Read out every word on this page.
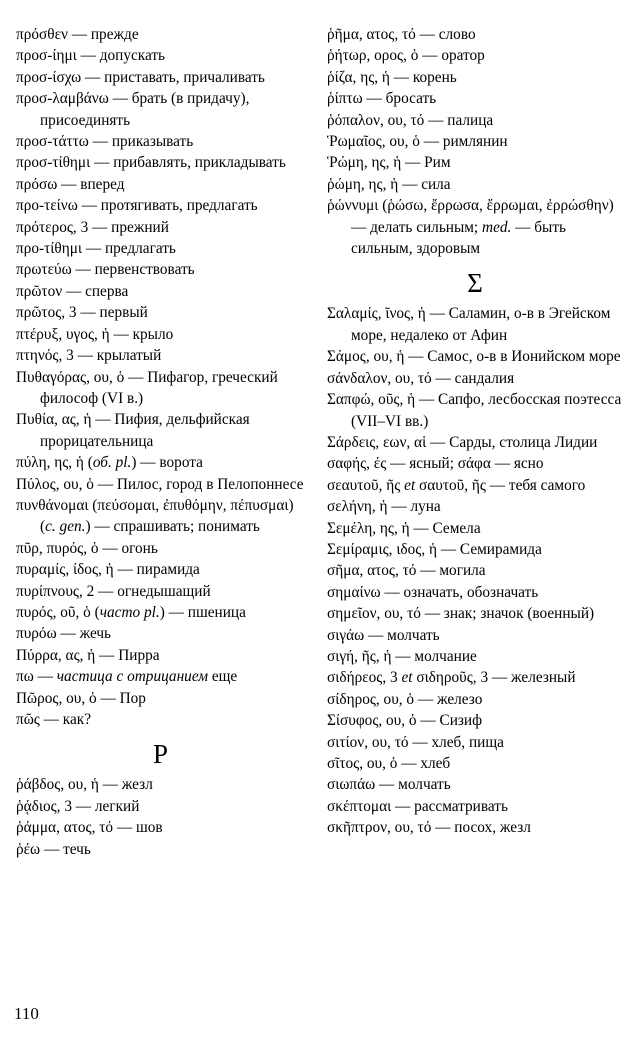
πρόσθεν — прежде
προσ-ίημι — допускать
προσ-ίσχω — приставать, причаливать
προσ-λαμβάνω — брать (в придачу), присоединять
προσ-τάττω — приказывать
προσ-τίθημι — прибавлять, прикладывать
πρόσω — вперед
προ-τείνω — протягивать, предлагать
πρότερος, 3 — прежний
προ-τίθημι — предлагать
πρωτεύω — первенствовать
πρῶτον — сперва
πρῶτος, 3 — первый
πτέρυξ, υγος, ἡ — крыло
πτηνός, 3 — крылатый
Πυθαγόρας, ου, ὁ — Пифагор, греческий философ (VI в.)
Πυθία, ας, ἡ — Пифия, дельфийская прорицательница
πύλη, ης, ἡ (об. pl.) — ворота
Πύλος, ου, ὁ — Пилос, город в Пелопоннесе
πυνθάνομαι (πεύσομαι, ἐπυθόμην, πέπυσμαι) (c. gen.) — спрашивать; понимать
πῦρ, πυρός, ὁ — огонь
πυραμίς, ίδος, ἡ — пирамида
πυρίπνους, 2 — огнедышащий
πυρός, οῦ, ὁ (часто pl.) — пшеница
πυρόω — жечь
Πύρρα, ας, ἡ — Пирра
πω — частица с отрицанием еще
Πῶρος, ου, ὁ — Пор
πῶς — как?
Ρ
ῥάβδος, ου, ἡ — жезл
ῥᾴδιος, 3 — легкий
ῥάμμα, ατος, τό — шов
ῥέω — течь
ῥῆμα, ατος, τό — слово
ῥήτωρ, ορος, ὁ — оратор
ῥίζα, ης, ἡ — корень
ῥίπτω — бросать
ῥόπαλον, ου, τό — палица
Ῥωμαῖος, ου, ὁ — римлянин
Ῥώμη, ης, ἡ — Рим
ῥώμη, ης, ἡ — сила
ῥώννυμι (ῥώσω, ἔρρωσα, ἔρρωμαι, ἐρρώσθην) — делать сильным; med. — быть сильным, здоровым
Σ
Σαλαμίς, ῖνος, ἡ — Саламин, о-в в Эгейском море, недалеко от Афин
Σάμος, ου, ἡ — Самос, о-в в Ионийском море
σάνδαλον, ου, τό — сандалия
Σαπφώ, οῦς, ἡ — Сапфо, лесбосская поэтесса (VII–VI вв.)
Σάρδεις, εων, αἱ — Сарды, столица Лидии
σαφής, ές — ясный; σάφα — ясно
σεαυτοῦ, ῆς et σαυτοῦ, ῆς — тебя самого
σελήνη, ἡ — луна
Σεμέλη, ης, ἡ — Семела
Σεμίραμις, ιδος, ἡ — Семирамида
σῆμα, ατος, τό — могила
σημαίνω — означать, обозначать
σημεῖον, ου, τό — знак; значок (военный)
σιγάω — молчать
σιγή, ῆς, ἡ — молчание
σιδήρεος, 3 et σιδηροῦς, 3 — железный
σίδηρος, ου, ὁ — железо
Σίσυφος, ου, ὁ — Сизиф
σιτίον, ου, τό — хлеб, пища
σῖτος, ου, ὁ — хлеб
σιωπάω — молчать
σκέπτομαι — рассматривать
σκῆπτρον, ου, τό — посох, жезл
110
